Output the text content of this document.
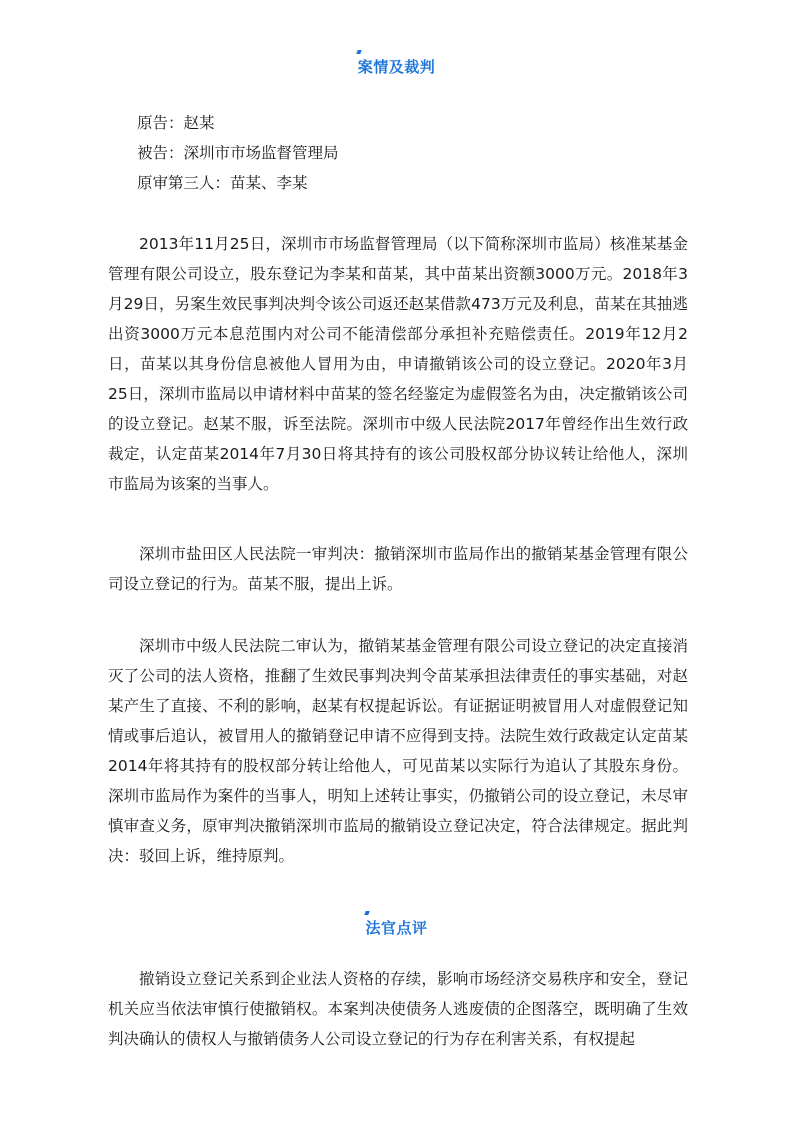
案情及裁判
原告：赵某
被告：深圳市市场监督管理局
原审第三人：苗某、李某

2013年11月25日，深圳市市场监督管理局（以下简称深圳市监局）核准某基金管理有限公司设立，股东登记为李某和苗某，其中苗某出资额3000万元。2018年3月29日，另案生效民事判决判令该公司返还赵某借款473万元及利息，苗某在其抽逃出资3000万元本息范围内对公司不能清偿部分承担补充赔偿责任。2019年12月2日，苗某以其身份信息被他人冒用为由，申请撤销该公司的设立登记。2020年3月25日，深圳市监局以申请材料中苗某的签名经鉴定为虚假签名为由，决定撤销该公司的设立登记。赵某不服，诉至法院。深圳市中级人民法院2017年曾经作出生效行政裁定，认定苗某2014年7月30日将其持有的该公司股权部分协议转让给他人，深圳市监局为该案的当事人。

深圳市盐田区人民法院一审判决：撤销深圳市监局作出的撤销某基金管理有限公司设立登记的行为。苗某不服，提出上诉。

深圳市中级人民法院二审认为，撤销某基金管理有限公司设立登记的决定直接消灭了公司的法人资格，推翻了生效民事判决判令苗某承担法律责任的事实基础，对赵某产生了直接、不利的影响，赵某有权提起诉讼。有证据证明被冒用人对虚假登记知情或事后追认，被冒用人的撤销登记申请不应得到支持。法院生效行政裁定认定苗某2014年将其持有的股权部分转让给他人，可见苗某以实际行为追认了其股东身份。深圳市监局作为案件的当事人，明知上述转让事实，仍撤销公司的设立登记，未尽审慎审查义务，原审判决撤销深圳市监局的撤销设立登记决定，符合法律规定。据此判决：驳回上诉，维持原判。

法官点评

撤销设立登记关系到企业法人资格的存续，影响市场经济交易秩序和安全，登记机关应当依法审慎行使撤销权。本案判决使债务人逃废债的企图落空，既明确了生效判决确认的债权人与撤销债务人公司设立登记的行为存在利害关系，有权提起
